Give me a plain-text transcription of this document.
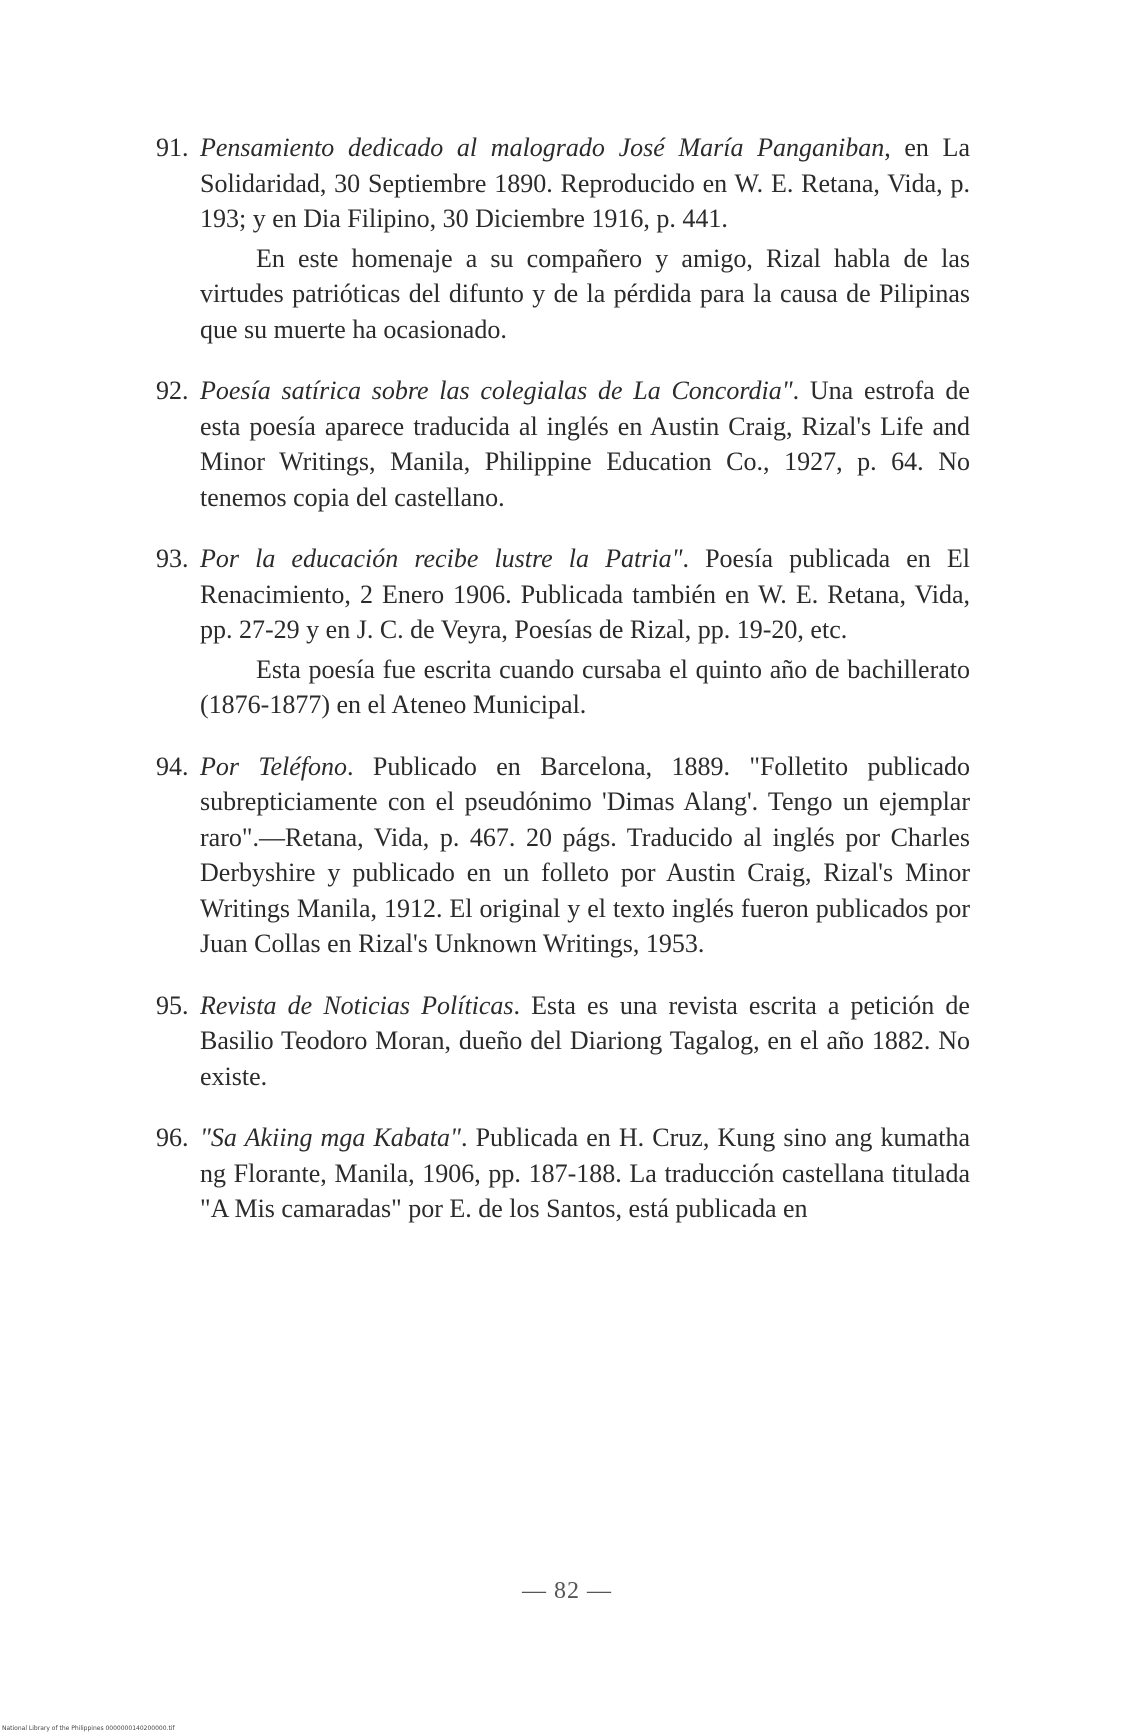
91. Pensamiento dedicado al malogrado José María Panganiban, en La Solidaridad, 30 Septiembre 1890. Reproducido en W. E. Retana, Vida, p. 193; y en Dia Filipino, 30 Diciembre 1916, p. 441.

En este homenaje a su compañero y amigo, Rizal habla de las virtudes patrióticas del difunto y de la pérdida para la causa de Pilipinas que su muerte ha ocasionado.

92. Poesía satírica sobre las colegialas de La Concordia". Una estrofa de esta poesía aparece traducida al inglés en Austin Craig, Rizal's Life and Minor Writings, Manila, Philippine Education Co., 1927, p. 64. No tenemos copia del castellano.

93. Por la educación recibe lustre la Patria". Poesía publicada en El Renacimiento, 2 Enero 1906. Publicada también en W. E. Retana, Vida, pp. 27-29 y en J. C. de Veyra, Poesías de Rizal, pp. 19-20, etc.

Esta poesía fue escrita cuando cursaba el quinto año de bachillerato (1876-1877) en el Ateneo Municipal.

94. Por Teléfono. Publicado en Barcelona, 1889. "Folletito publicado subrepticiamente con el pseudónimo 'Dimas Alang'. Tengo un ejemplar raro".—Retana, Vida, p. 467. 20 págs. Traducido al inglés por Charles Derbyshire y publicado en un folleto por Austin Craig, Rizal's Minor Writings Manila, 1912. El original y el texto inglés fueron publicados por Juan Collas en Rizal's Unknown Writings, 1953.

95. Revista de Noticias Políticas. Esta es una revista escrita a petición de Basilio Teodoro Moran, dueño del Diariong Tagalog, en el año 1882. No existe.

96. "Sa Akiing mga Kabata". Publicada en H. Cruz, Kung sino ang kumatha ng Florante, Manila, 1906, pp. 187-188. La traducción castellana titulada "A Mis camaradas" por E. de los Santos, está publicada en

— 82 —
National Library of the Philippines 0000000140200000.tif
